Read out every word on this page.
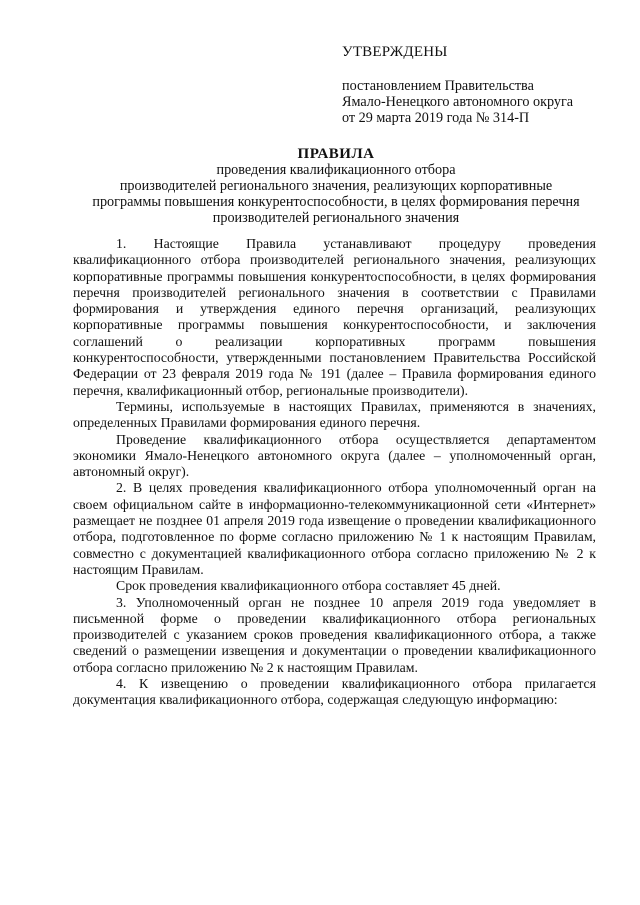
УТВЕРЖДЕНЫ
постановлением Правительства
Ямало-Ненецкого автономного округа
от 29 марта 2019 года № 314-П
ПРАВИЛА
проведения квалификационного отбора
производителей регионального значения, реализующих корпоративные
программы повышения конкурентоспособности, в целях формирования перечня
производителей регионального значения

1. Настоящие Правила устанавливают процедуру проведения квалификационного отбора производителей регионального значения, реализующих корпоративные программы повышения конкурентоспособности, в целях формирования перечня производителей регионального значения в соответствии с Правилами формирования и утверждения единого перечня организаций, реализующих корпоративные программы повышения конкурентоспособности, и заключения соглашений о реализации корпоративных программ повышения конкурентоспособности, утвержденными постановлением Правительства Российской Федерации от 23 февраля 2019 года № 191 (далее – Правила формирования единого перечня, квалификационный отбор, региональные производители).

Термины, используемые в настоящих Правилах, применяются в значениях, определенных Правилами формирования единого перечня.

Проведение квалификационного отбора осуществляется департаментом экономики Ямало-Ненецкого автономного округа (далее – уполномоченный орган, автономный округ).

2. В целях проведения квалификационного отбора уполномоченный орган на своем официальном сайте в информационно-телекоммуникационной сети «Интернет» размещает не позднее 01 апреля 2019 года извещение о проведении квалификационного отбора, подготовленное по форме согласно приложению № 1 к настоящим Правилам, совместно с документацией квалификационного отбора согласно приложению № 2 к настоящим Правилам.

Срок проведения квалификационного отбора составляет 45 дней.

3. Уполномоченный орган не позднее 10 апреля 2019 года уведомляет в письменной форме о проведении квалификационного отбора региональных производителей с указанием сроков проведения квалификационного отбора, а также сведений о размещении извещения и документации о проведении квалификационного отбора согласно приложению № 2 к настоящим Правилам.

4. К извещению о проведении квалификационного отбора прилагается документация квалификационного отбора, содержащая следующую информацию:
